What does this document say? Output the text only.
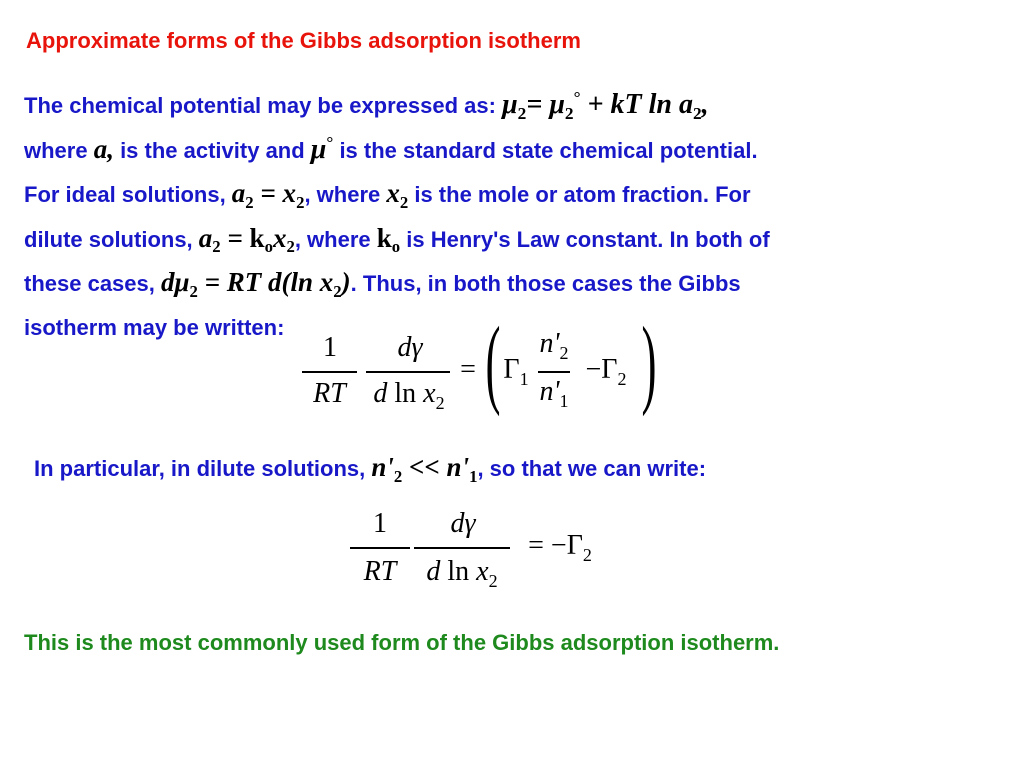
Approximate forms of the Gibbs adsorption isotherm
The chemical potential may be expressed as: $\mu_2= \mu_2^\circ$ + kT $\ln a_2$,
where a, is the activity and μ° is the standard state chemical potential.
For ideal solutions, $a_2 = x_2$, where $x_2$ is the mole or atom fraction. For
dilute solutions, $a_2 = k_ox_2$, where $k_o$ is Henry's Law constant. In both of
these cases, $d\mu_2$ = RT d(ln $x_2$). Thus, in both those cases the Gibbs
isotherm may be written:
1
RT
dγ
d $\ln x_2$
= ( $\Gamma_1$
$n'_2$
$n'_1$
$-\Gamma_2$ )
In particular, in dilute solutions, $n'_2 << n'_1$, so that we can write:
1
RT
dγ
d $\ln x_2$
= $-\Gamma_2$
This is the most commonly used form of the Gibbs adsorption isotherm.
